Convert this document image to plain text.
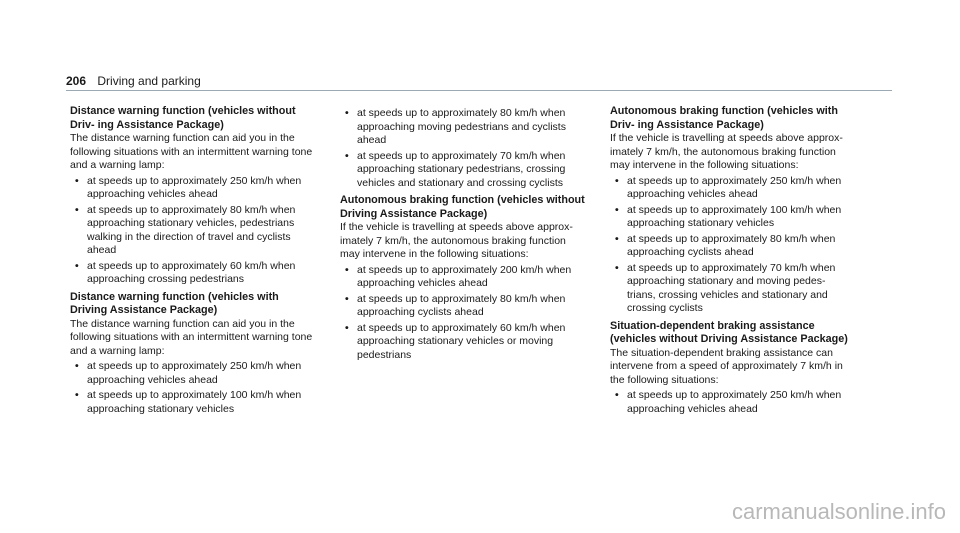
206 Driving and parking
Distance warning function (vehicles without Driv- ing Assistance Package)

The distance warning function can aid you in the following situations with an intermittent warning tone and a warning lamp:

• at speeds up to approximately 250 km/h when approaching vehicles ahead
• at speeds up to approximately 80 km/h when approaching stationary vehicles, pedestrians walking in the direction of travel and cyclists ahead
• at speeds up to approximately 60 km/h when approaching crossing pedestrians
Distance warning function (vehicles with Driving Assistance Package)

The distance warning function can aid you in the following situations with an intermittent warning tone and a warning lamp:

• at speeds up to approximately 250 km/h when approaching vehicles ahead
• at speeds up to approximately 100 km/h when approaching stationary vehicles
• at speeds up to approximately 80 km/h when approaching moving pedestrians and cyclists ahead
• at speeds up to approximately 70 km/h when approaching stationary pedestrians, crossing vehicles and stationary and crossing cyclists
Autonomous braking function (vehicles without Driving Assistance Package)

If the vehicle is travelling at speeds above approx- imately 7 km/h, the autonomous braking function may intervene in the following situations:

• at speeds up to approximately 200 km/h when approaching vehicles ahead
• at speeds up to approximately 80 km/h when approaching cyclists ahead
• at speeds up to approximately 60 km/h when approaching stationary vehicles or moving pedestrians
Autonomous braking function (vehicles with Driv- ing Assistance Package)

If the vehicle is travelling at speeds above approx- imately 7 km/h, the autonomous braking function may intervene in the following situations:

• at speeds up to approximately 250 km/h when approaching vehicles ahead
• at speeds up to approximately 100 km/h when approaching stationary vehicles
• at speeds up to approximately 80 km/h when approaching cyclists ahead
• at speeds up to approximately 70 km/h when approaching stationary and moving pedes- trians, crossing vehicles and stationary and crossing cyclists
Situation-dependent braking assistance (vehicles without Driving Assistance Package)

The situation-dependent braking assistance can intervene from a speed of approximately 7 km/h in the following situations:

• at speeds up to approximately 250 km/h when approaching vehicles ahead
carmanualsonline.info
